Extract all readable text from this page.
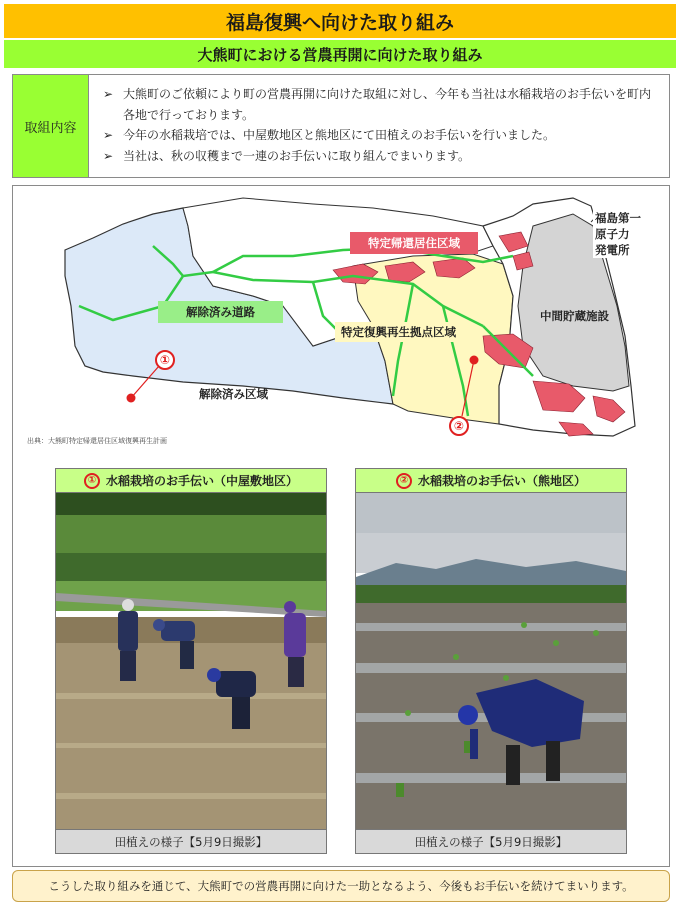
福島復興へ向けた取り組み
大熊町における営農再開に向けた取り組み
取組内容
➢ 大熊町のご依頼により町の営農再開に向けた取組に対し、今年も当社は水稲栽培のお手伝いを町内各地で行っております。
➢ 今年の水稲栽培では、中屋敷地区と熊地区にて田植えのお手伝いを行いました。
➢ 当社は、秋の収穫まで一連のお手伝いに取り組んでまいります。
特定帰還居住区域
解除済み道路
特定復興再生拠点区域
解除済み区域
中間貯蔵施設
福島第一
原子力
発電所
①
②
出典：大熊町特定帰還居住区域復興再生計画
① 水稲栽培のお手伝い（中屋敷地区）
田植えの様子【5月9日撮影】
② 水稲栽培のお手伝い（熊地区）
田植えの様子【5月9日撮影】
こうした取り組みを通じて、大熊町での営農再開に向けた一助となるよう、今後もお手伝いを続けてまいります。
